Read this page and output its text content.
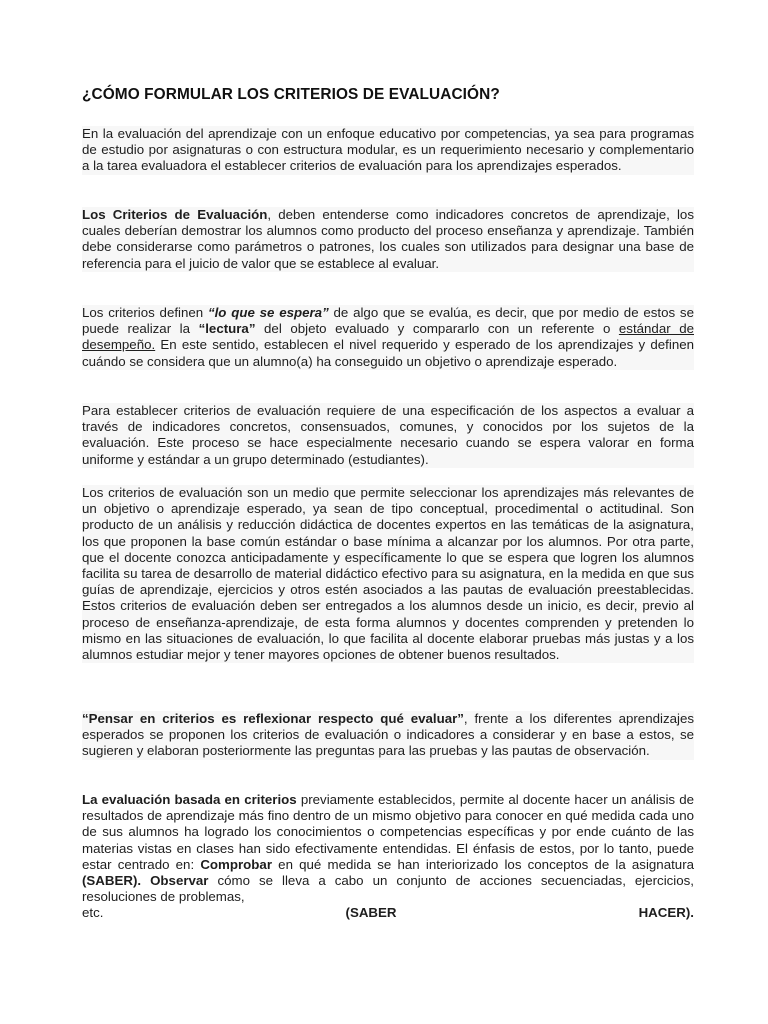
¿CÓMO FORMULAR LOS CRITERIOS DE EVALUACIÓN?

En la evaluación del aprendizaje con un enfoque educativo por competencias, ya sea para programas de estudio por asignaturas o con estructura modular, es un requerimiento necesario y complementario a la tarea evaluadora el establecer criterios de evaluación para los aprendizajes esperados.

Los Criterios de Evaluación, deben entenderse como indicadores concretos de aprendizaje, los cuales deberían demostrar los alumnos como producto del proceso enseñanza y aprendizaje. También debe considerarse como parámetros o patrones, los cuales son utilizados para designar una base de referencia para el juicio de valor que se establece al evaluar.

Los criterios definen “lo que se espera” de algo que se evalúa, es decir, que por medio de estos se puede realizar la “lectura” del objeto evaluado y compararlo con un referente o estándar de desempeño. En este sentido, establecen el nivel requerido y esperado de los aprendizajes y definen cuándo se considera que un alumno(a) ha conseguido un objetivo o aprendizaje esperado.

Para establecer criterios de evaluación requiere de una especificación de los aspectos a evaluar a través de indicadores concretos, consensuados, comunes, y conocidos por los sujetos de la evaluación. Este proceso se hace especialmente necesario cuando se espera valorar en forma uniforme y estándar a un grupo determinado (estudiantes).

Los criterios de evaluación son un medio que permite seleccionar los aprendizajes más relevantes de un objetivo o aprendizaje esperado, ya sean de tipo conceptual, procedimental o actitudinal. Son producto de un análisis y reducción didáctica de docentes expertos en las temáticas de la asignatura, los que proponen la base común estándar o base mínima a alcanzar por los alumnos. Por otra parte, que el docente conozca anticipadamente y específicamente lo que se espera que logren los alumnos facilita su tarea de desarrollo de material didáctico efectivo para su asignatura, en la medida en que sus guías de aprendizaje, ejercicios y otros estén asociados a las pautas de evaluación preestablecidas. Estos criterios de evaluación deben ser entregados a los alumnos desde un inicio, es decir, previo al proceso de enseñanza-aprendizaje, de esta forma alumnos y docentes comprenden y pretenden lo mismo en las situaciones de evaluación, lo que facilita al docente elaborar pruebas más justas y a los alumnos estudiar mejor y tener mayores opciones de obtener buenos resultados.

“Pensar en criterios es reflexionar respecto qué evaluar”, frente a los diferentes aprendizajes esperados se proponen los criterios de evaluación o indicadores a considerar y en base a estos, se sugieren y elaboran posteriormente las preguntas para las pruebas y las pautas de observación.

La evaluación basada en criterios previamente establecidos, permite al docente hacer un análisis de resultados de aprendizaje más fino dentro de un mismo objetivo para conocer en qué medida cada uno de sus alumnos ha logrado los conocimientos o competencias específicas y por ende cuánto de las materias vistas en clases han sido efectivamente entendidas. El énfasis de estos, por lo tanto, puede estar centrado en: Comprobar en qué medida se han interiorizado los conceptos de la asignatura (SABER). Observar cómo se lleva a cabo un conjunto de acciones secuenciadas, ejercicios, resoluciones de problemas,
etc.	(SABER	HACER).
